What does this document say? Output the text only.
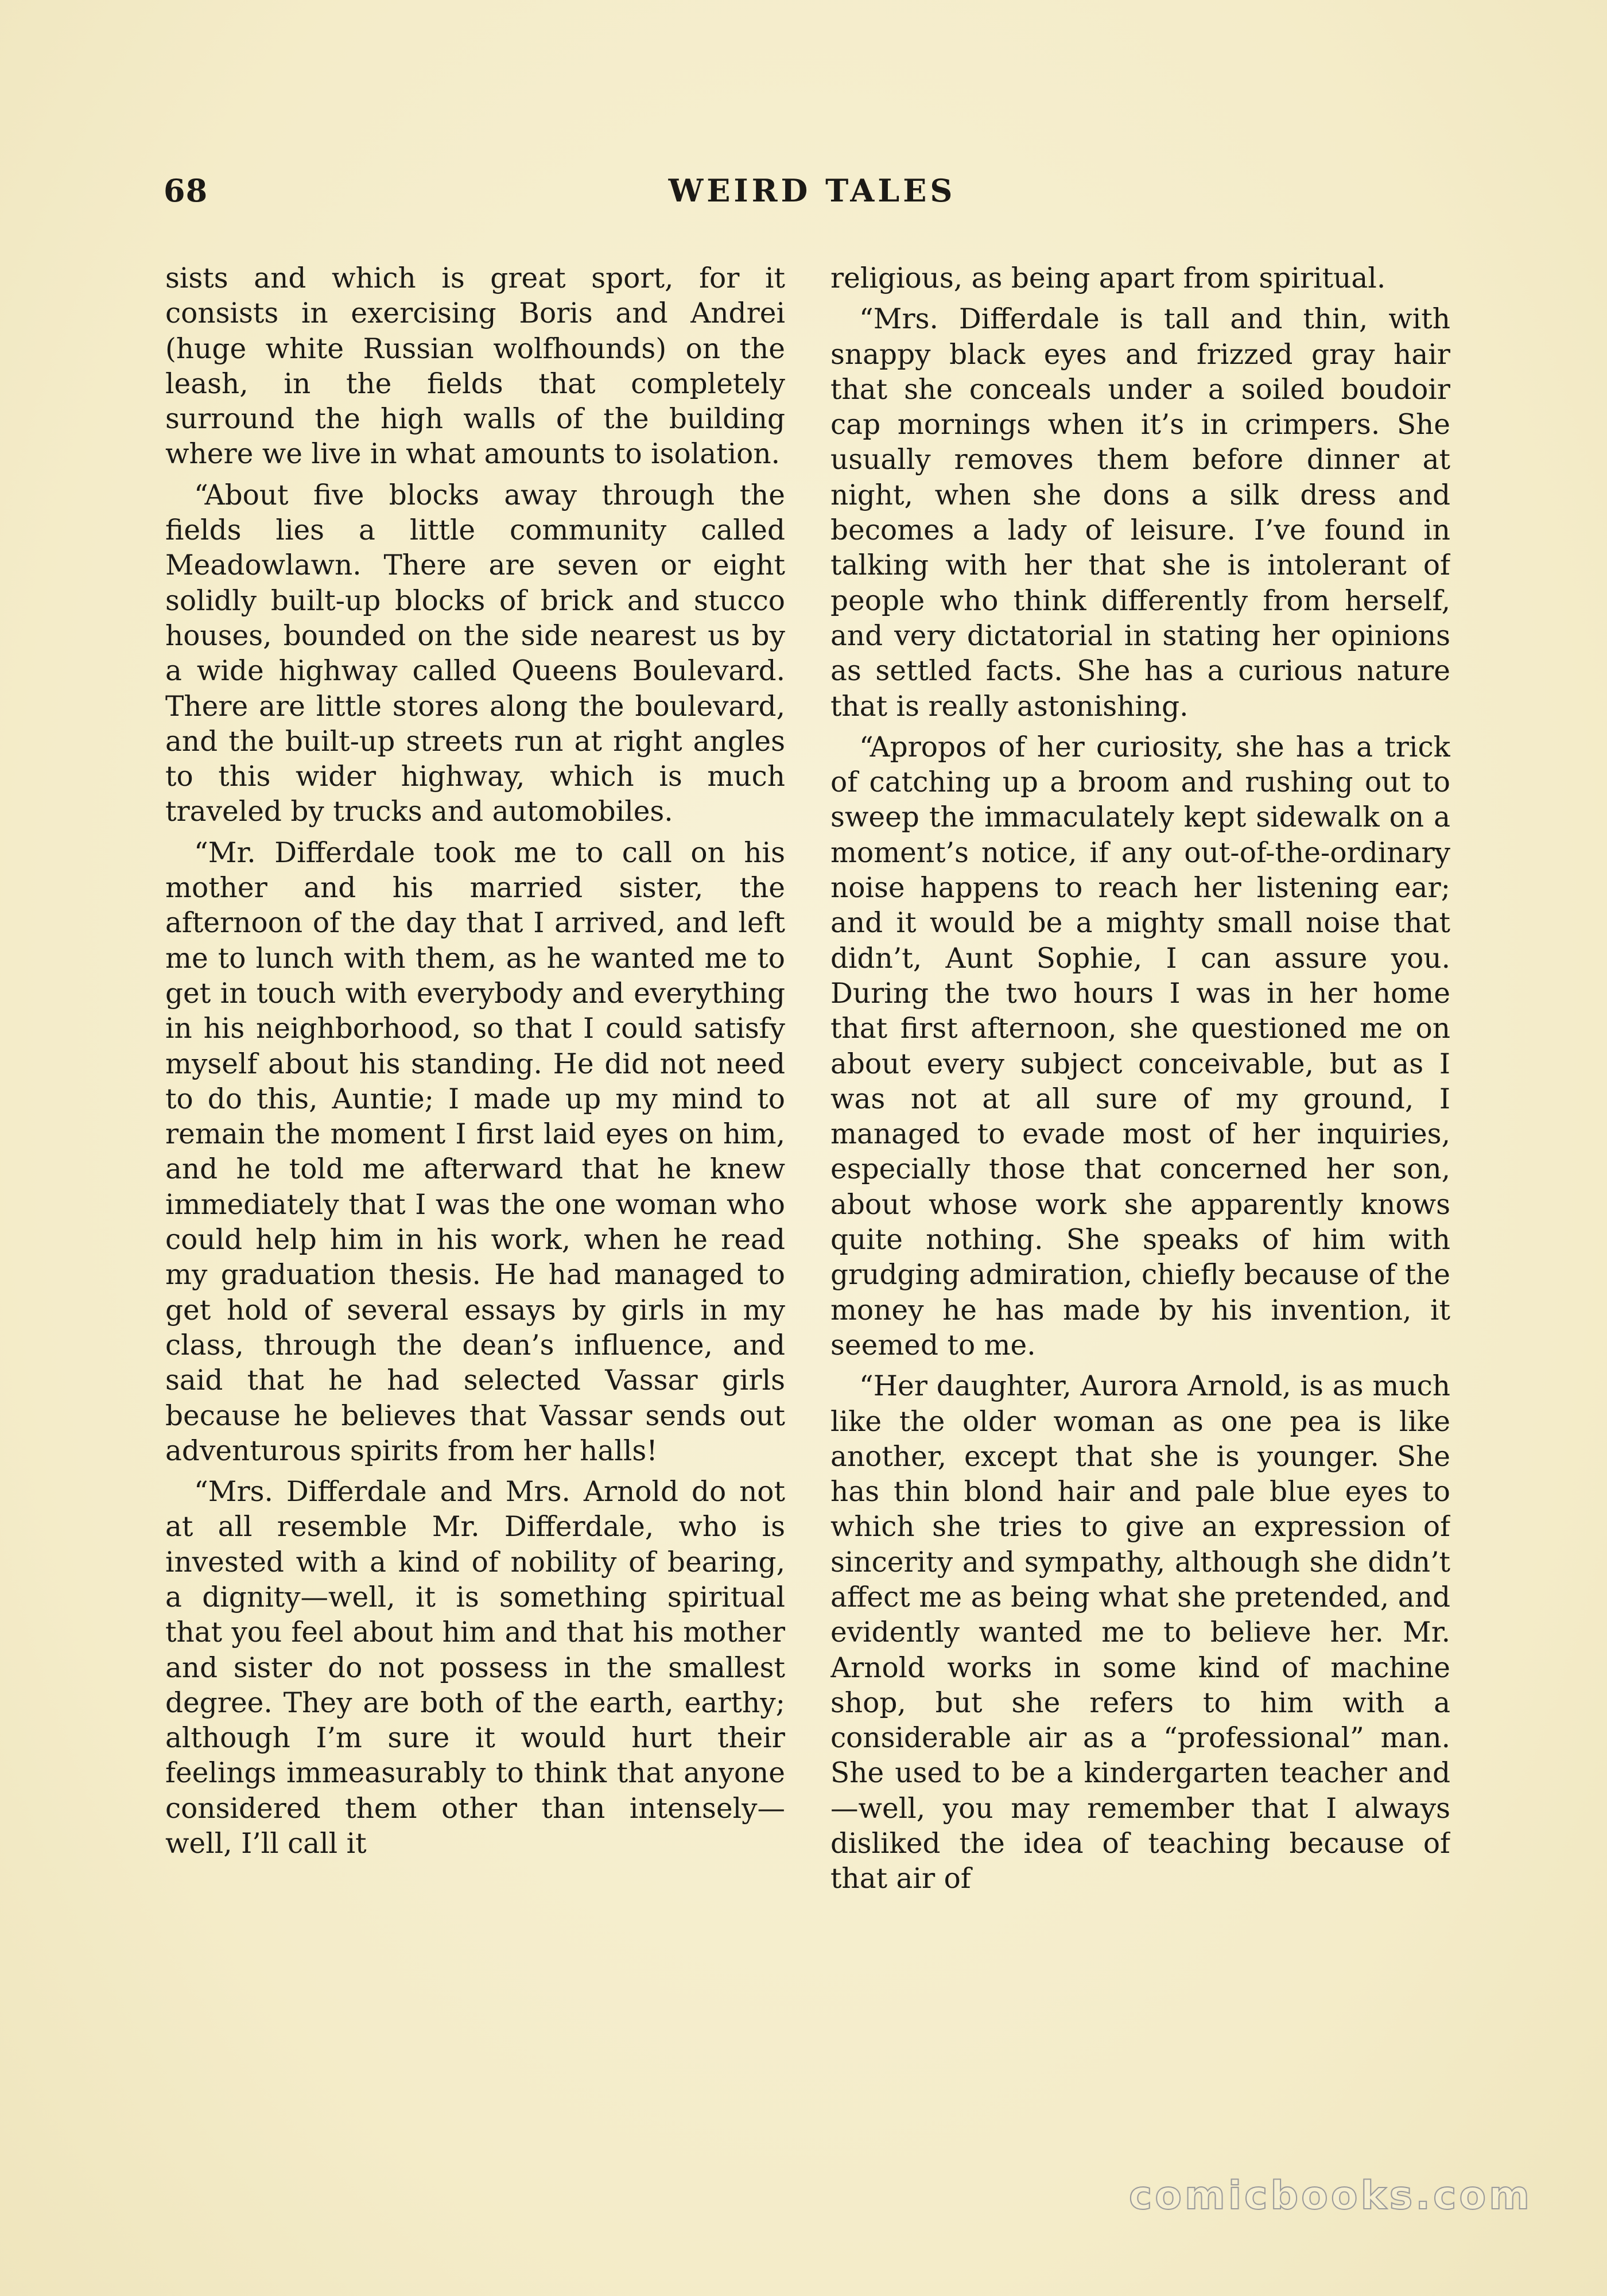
WEIRD TALES
68

sists and which is great sport, for it consists in exercising Boris and Andrei (huge white Russian wolfhounds) on the leash, in the fields that completely surround the high walls of the building where we live in what amounts to isolation.

“About five blocks away through the fields lies a little community called Meadowlawn. There are seven or eight solidly built-up blocks of brick and stucco houses, bounded on the side nearest us by a wide highway called Queens Boulevard. There are little stores along the boulevard, and the built-up streets run at right angles to this wider highway, which is much traveled by trucks and automobiles.

“Mr. Differdale took me to call on his mother and his married sister, the afternoon of the day that I arrived, and left me to lunch with them, as he wanted me to get in touch with everybody and everything in his neighborhood, so that I could satisfy myself about his standing. He did not need to do this, Auntie; I made up my mind to remain the moment I first laid eyes on him, and he told me afterward that he knew immediately that I was the one woman who could help him in his work, when he read my graduation thesis. He had managed to get hold of several essays by girls in my class, through the dean’s influence, and said that he had selected Vassar girls because he believes that Vassar sends out adventurous spirits from her halls!

“Mrs. Differdale and Mrs. Arnold do not at all resemble Mr. Differdale, who is invested with a kind of nobility of bearing, a dignity—well, it is something spiritual that you feel about him and that his mother and sister do not possess in the smallest degree. They are both of the earth, earthy; although I’m sure it would hurt their feelings immeasurably to think that anyone considered them other than intensely—well, I’ll call it

religious, as being apart from spiritual.

“Mrs. Differdale is tall and thin, with snappy black eyes and frizzed gray hair that she conceals under a soiled boudoir cap mornings when it’s in crimpers. She usually removes them before dinner at night, when she dons a silk dress and becomes a lady of leisure. I’ve found in talking with her that she is intolerant of people who think differently from herself, and very dictatorial in stating her opinions as settled facts. She has a curious nature that is really astonishing.

“Apropos of her curiosity, she has a trick of catching up a broom and rushing out to sweep the immaculately kept sidewalk on a moment’s notice, if any out-of-the-ordinary noise happens to reach her listening ear; and it would be a mighty small noise that didn’t, Aunt Sophie, I can assure you. During the two hours I was in her home that first afternoon, she questioned me on about every subject conceivable, but as I was not at all sure of my ground, I managed to evade most of her inquiries, especially those that concerned her son, about whose work she apparently knows quite nothing. She speaks of him with grudging admiration, chiefly because of the money he has made by his invention, it seemed to me.

“Her daughter, Aurora Arnold, is as much like the older woman as one pea is like another, except that she is younger. She has thin blond hair and pale blue eyes to which she tries to give an expression of sincerity and sympathy, although she didn’t affect me as being what she pretended, and evidently wanted me to believe her. Mr. Arnold works in some kind of machine shop, but she refers to him with a considerable air as a “professional” man. She used to be a kindergarten teacher and—well, you may remember that I always disliked the idea of teaching because of that air of

comicbooks.com
